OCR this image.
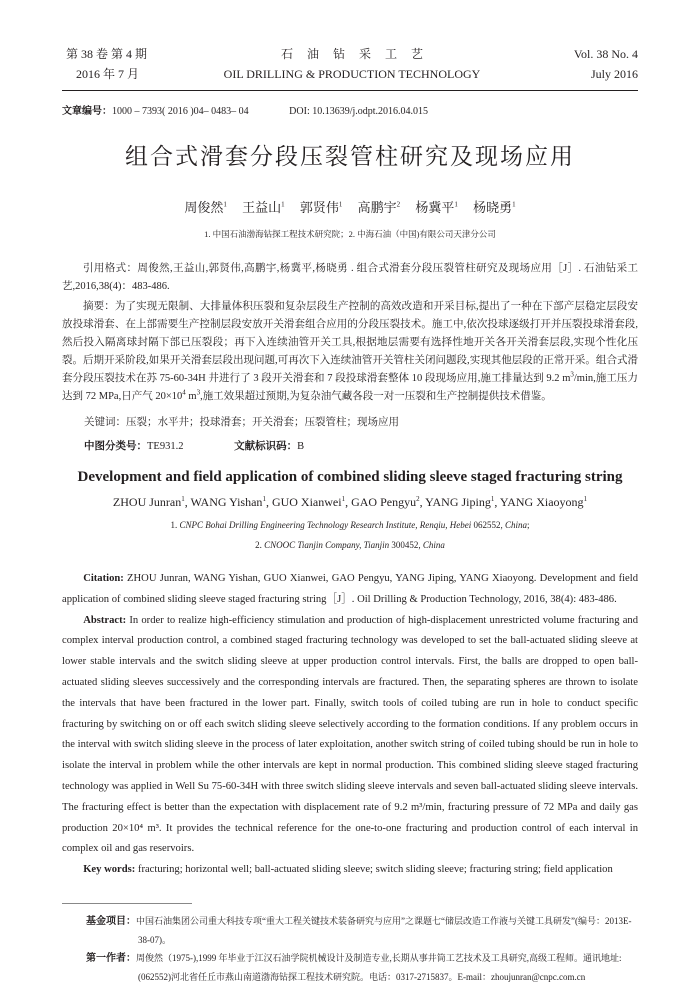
第 38 卷 第 4 期
2016 年 7 月
石油钻采工艺
OIL DRILLING & PRODUCTION TECHNOLOGY
Vol. 38 No. 4
July 2016
文章编号：1000 – 7393( 2016 )04– 0483– 04	DOI: 10.13639/j.odpt.2016.04.015
组合式滑套分段压裂管柱研究及现场应用
周俊然$^1$ 王益山$^1$ 郭贤伟$^1$ 高鹏宇$^2$ 杨冀平$^1$ 杨晓勇$^1$
1. 中国石油渤海钻探工程技术研究院；2. 中海石油（中国)有限公司天津分公司
引用格式：周俊然,王益山,郭贤伟,高鹏宇,杨冀平,杨晓勇 . 组合式滑套分段压裂管柱研究及现场应用［J］. 石油钻采工艺,2016,38(4)：483-486.
摘要：为了实现无限制、大排量体积压裂和复杂层段生产控制的高效改造和开采目标,提出了一种在下部产层稳定层段安放投球滑套、在上部需要生产控制层段安放开关滑套组合应用的分段压裂技术。施工中,依次投球逐级打开并压裂投球滑套段,然后投入隔离球封隔下部已压裂段；再下入连续油管开关工具,根据地层需要有选择性地开关各开关滑套层段,实现个性化压裂。后期开采阶段,如果开关滑套层段出现问题,可再次下入连续油管开关管柱关闭问题段,实现其他层段的正常开采。组合式滑套分段压裂技术在苏 75-60-34H 井进行了 3 段开关滑套和 7 段投球滑套整体 10 段现场应用,施工排量达到 9.2 $m^3/\min$,施工压力达到 72 MPa,日产气 $20\times 10^4$ $m^3$,施工效果超过预期,为复杂油气藏各段一对一压裂和生产控制提供技术借鉴。
关键词：压裂；水平井；投球滑套；开关滑套；压裂管柱；现场应用
中图分类号：TE931.2	文献标识码：B
Development and field application of combined sliding sleeve staged fracturing string
ZHOU Junran$^1$, WANG Yishan$^1$, GUO Xianwei$^1$, GAO Pengyu$^2$, YANG Jiping$^1$, YANG Xiaoyong$^1$
1. CNPC Bohai Drilling Engineering Technology Research Institute, Renqiu, Hebei 062552, China;
2. CNOOC Tianjin Company, Tianjin 300452, China
Citation: ZHOU Junran, WANG Yishan, GUO Xianwei, GAO Pengyu, YANG Jiping, YANG Xiaoyong. Development and field application of combined sliding sleeve staged fracturing string［J］. Oil Drilling & Production Technology, 2016, 38(4): 483-486.
Abstract: In order to realize high-efficiency stimulation and production of high-displacement unrestricted volume fracturing and complex interval production control, a combined staged fracturing technology was developed to set the ball-actuated sliding sleeve at lower stable intervals and the switch sliding sleeve at upper production control intervals. First, the balls are dropped to open ball-actuated sliding sleeves successively and the corresponding intervals are fractured. Then, the separating spheres are thrown to isolate the intervals that have been fractured in the lower part. Finally, switch tools of coiled tubing are run in hole to conduct specific fracturing by switching on or off each switch sliding sleeve selectively according to the formation conditions. If any problem occurs in the interval with switch sliding sleeve in the process of later exploitation, another switch string of coiled tubing should be run in hole to isolate the interval in problem while the other intervals are kept in normal production. This combined sliding sleeve staged fracturing technology was applied in Well Su 75-60-34H with three switch sliding sleeve intervals and seven ball-actuated sliding sleeve intervals. The fracturing effect is better than the expectation with displacement rate of 9.2 m³/min, fracturing pressure of 72 MPa and daily gas production 20×10⁴ m³. It provides the technical reference for the one-to-one fracturing and production control of each interval in complex oil and gas reservoirs.
Key words: fracturing; horizontal well; ball-actuated sliding sleeve; switch sliding sleeve; fracturing string; field application
基金项目：中国石油集团公司重大科技专项“重大工程关键技术装备研究与应用”之课题七“储层改造工作液与关键工具研发”(编号：2013E-38-07)。
第一作者：周俊然（1975-),1999 年毕业于江汉石油学院机械设计及制造专业,长期从事井筒工艺技术及工具研究,高级工程师。通讯地址:(062552)河北省任丘市燕山南道渤海钻探工程技术研究院。电话：0317-2715837。E-mail：zhoujunran@cnpc.com.cn
